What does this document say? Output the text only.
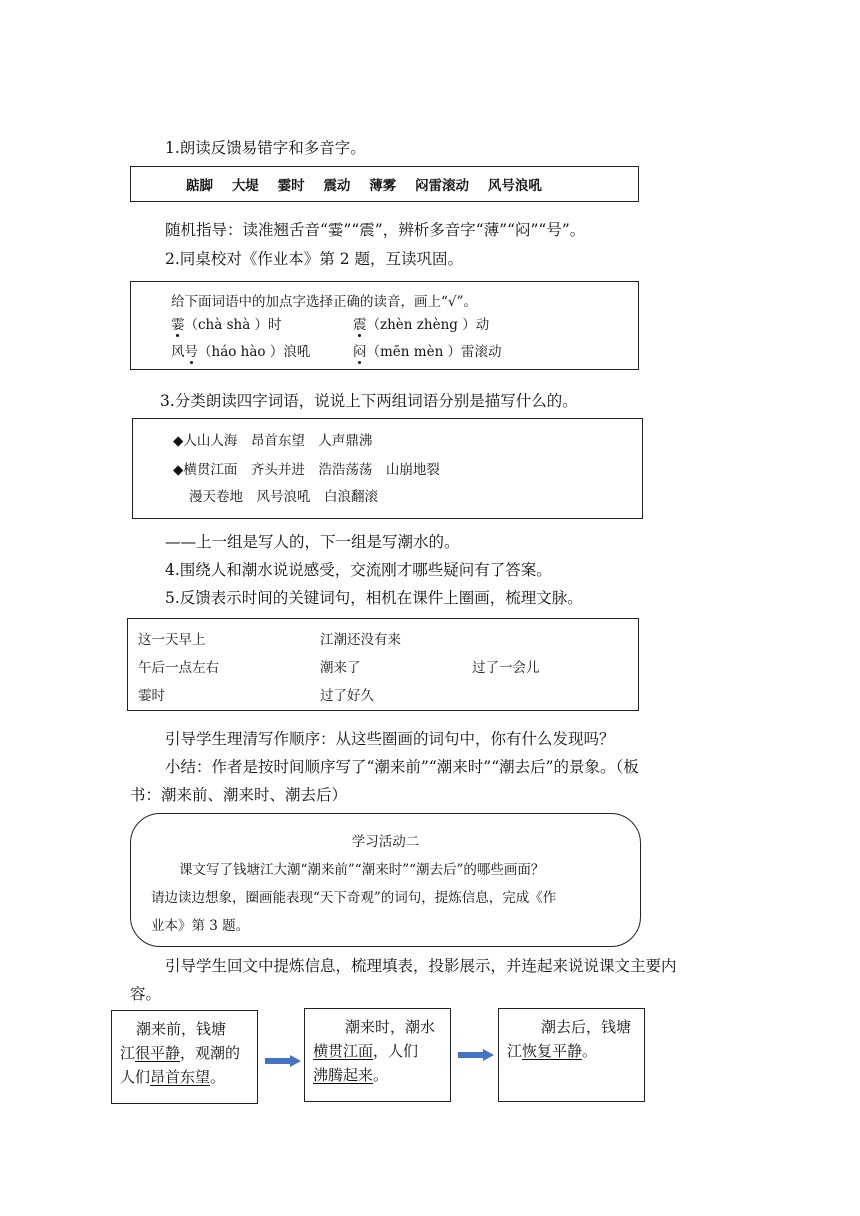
1.朗读反馈易错字和多音字。
踮脚 大堤 霎时 震动 薄雾 闷雷滚动 风号浪吼
随机指导：读准翘舌音“霎”“震”，辨析多音字“薄”“闷”“号”。
2.同桌校对《作业本》第 2 题，互读巩固。
给下面词语中的加点字选择正确的读音，画上“√”。
霎（chà shà ）时	震（zhèn zhèng ）动
风号（háo hào ）浪吼	闷（mēn mèn ）雷滚动
3.分类朗读四字词语，说说上下两组词语分别是描写什么的。
◆人山人海　昂首东望　人声鼎沸
◆横贯江面　齐头并进　浩浩荡荡　山崩地裂
漫天卷地　风号浪吼　白浪翻滚
——上一组是写人的，下一组是写潮水的。
4.围绕人和潮水说说感受，交流刚才哪些疑问有了答案。
5.反馈表示时间的关键词句，相机在课件上圈画，梳理文脉。
这一天早上	江潮还没有来
午后一点左右	潮来了	过了一会儿
霎时	过了好久
引导学生理清写作顺序：从这些圈画的词句中，你有什么发现吗？
小结：作者是按时间顺序写了“潮来前”“潮来时”“潮去后”的景象。（板
书：潮来前、潮来时、潮去后）
学习活动二
课文写了钱塘江大潮“潮来前”“潮来时”“潮去后”的哪些画面？
请边读边想象，圈画能表现“天下奇观”的词句，提炼信息，完成《作
业本》第 3 题。
引导学生回文中提炼信息，梳理填表，投影展示，并连起来说说课文主要内
容。
潮来前，钱塘
江很平静，观潮的
人们昂首东望。
潮来时，潮水
横贯江面，人们
沸腾起来。
潮去后，钱塘
江恢复平静。
